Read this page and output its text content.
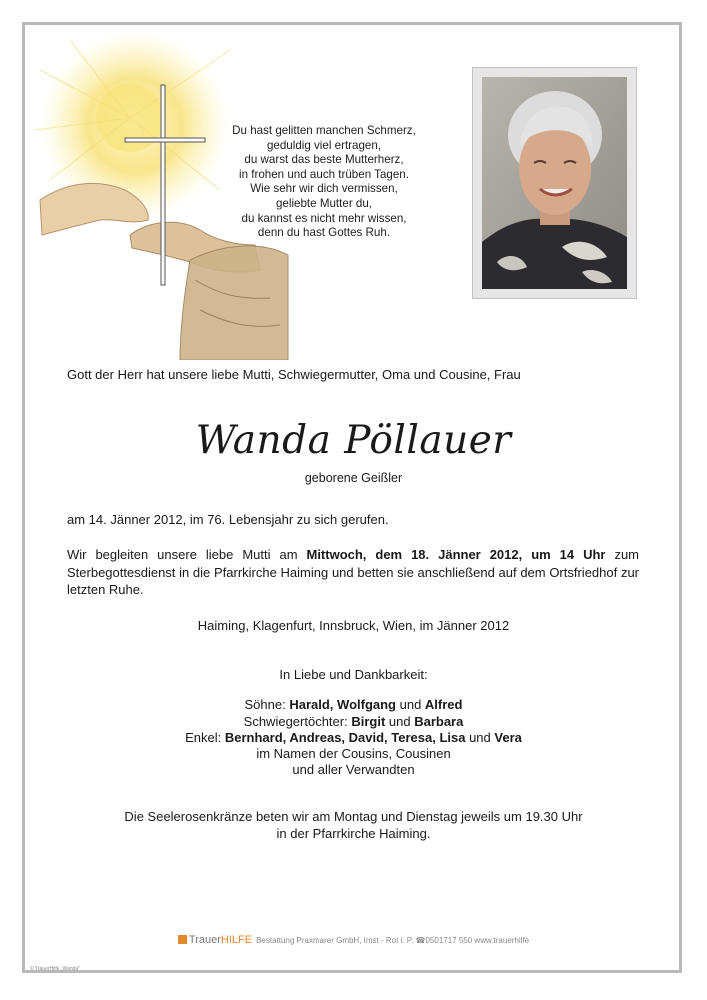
Du hast gelitten manchen Schmerz,
geduldig viel ertragen,
du warst das beste Mutterherz,
in frohen und auch trüben Tagen.
Wie sehr wir dich vermissen,
geliebte Mutter du,
du kannst es nicht mehr wissen,
denn du hast Gottes Ruh.
Gott der Herr hat unsere liebe Mutti, Schwiegermutter, Oma und Cousine, Frau
Wanda Pöllauer
geborene Geißler
am 14. Jänner 2012, im 76. Lebensjahr zu sich gerufen.
Wir begleiten unsere liebe Mutti am Mittwoch, dem 18. Jänner 2012, um 14 Uhr zum Sterbegottesdienst in die Pfarrkirche Haiming und betten sie anschließend auf dem Ortsfriedhof zur letzten Ruhe.
Haiming, Klagenfurt, Innsbruck, Wien, im Jänner 2012
In Liebe und Dankbarkeit:
Söhne: Harald, Wolfgang und Alfred
Schwiegertöchter: Birgit und Barbara
Enkel: Bernhard, Andreas, David, Teresa, Lisa und Vera
im Namen der Cousins, Cousinen
und aller Verwandten
Die Seelerosenkränze beten wir am Montag und Dienstag jeweils um 19.30 Uhr
in der Pfarrkirche Haiming.
TrauerHILFE Bestattung Praxmarer GmbH, Imst - Rot i. P. ☎0501717 550 www.trauerhilfe
© TrauerHilfe „Wanda"
